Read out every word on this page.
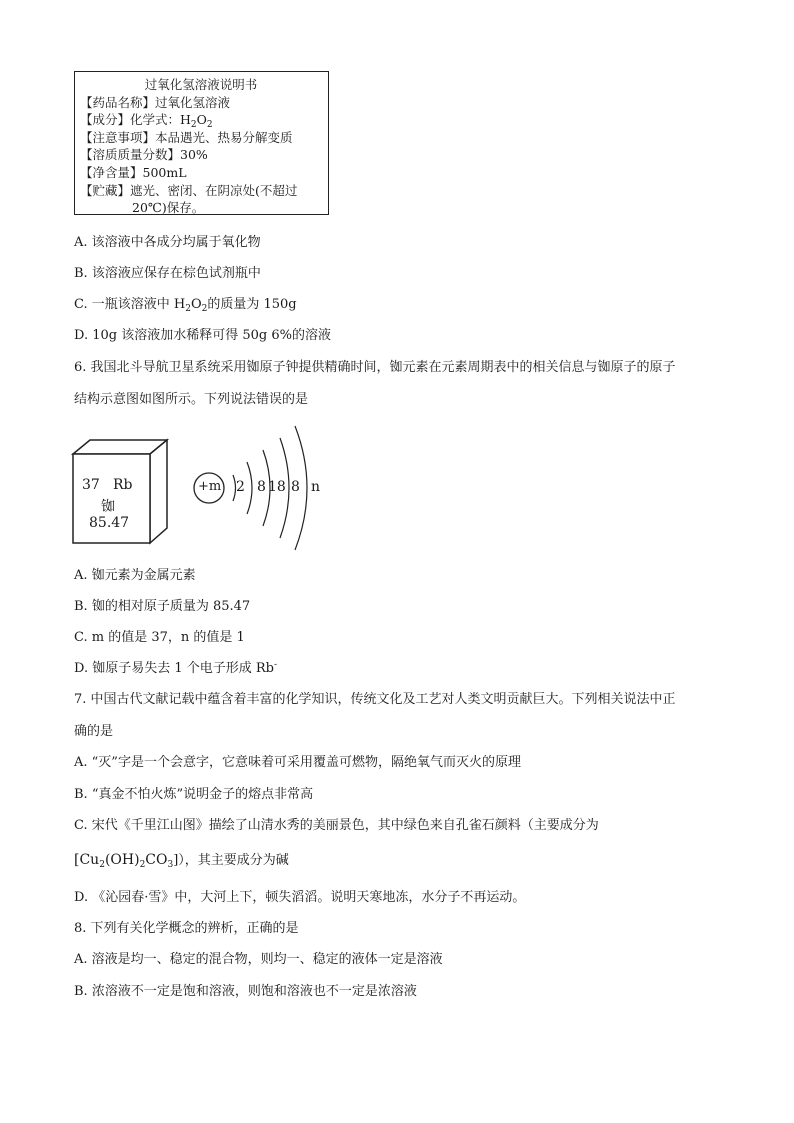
过氧化氢溶液说明书
【药品名称】过氧化氢溶液
【成分】化学式：$H_2O_2$
【注意事项】本品遇光、热易分解变质
【溶质质量分数】30%
【净含量】500mL
【贮藏】遮光、密闭、在阴凉处(不超过
20℃)保存。
A. 该溶液中各成分均属于氧化物
B. 该溶液应保存在棕色试剂瓶中
C. 一瓶该溶液中 $H_2O_2$的质量为 150g
D. 10g 该溶液加水稀释可得 50g 6%的溶液
6. 我国北斗导航卫星系统采用铷原子钟提供精确时间，铷元素在元素周期表中的相关信息与铷原子的原子
结构示意图如图所示。下列说法错误的是
37 Rb
铷
85.47
+m 2 8 18 8 n
A. 铷元素为金属元素
B. 铷的相对原子质量为 85.47
C. m 的值是 37，n 的值是 1
D. 铷原子易失去 1 个电子形成 Rb-
7. 中国古代文献记载中蕴含着丰富的化学知识，传统文化及工艺对人类文明贡献巨大。下列相关说法中正
确的是
A. “灭”字是一个会意字，它意味着可采用覆盖可燃物，隔绝氧气而灭火的原理
B. “真金不怕火炼”说明金子的熔点非常高
C. 宋代《千里江山图》描绘了山清水秀的美丽景色，其中绿色来自孔雀石颜料（主要成分为
$[Cu_2(OH)_2CO_3]$），其主要成分为碱
D. 《沁园春·雪》中，大河上下，顿失滔滔。说明天寒地冻，水分子不再运动。
8. 下列有关化学概念的辨析，正确的是
A. 溶液是均一、稳定的混合物，则均一、稳定的液体一定是溶液
B. 浓溶液不一定是饱和溶液，则饱和溶液也不一定是浓溶液
